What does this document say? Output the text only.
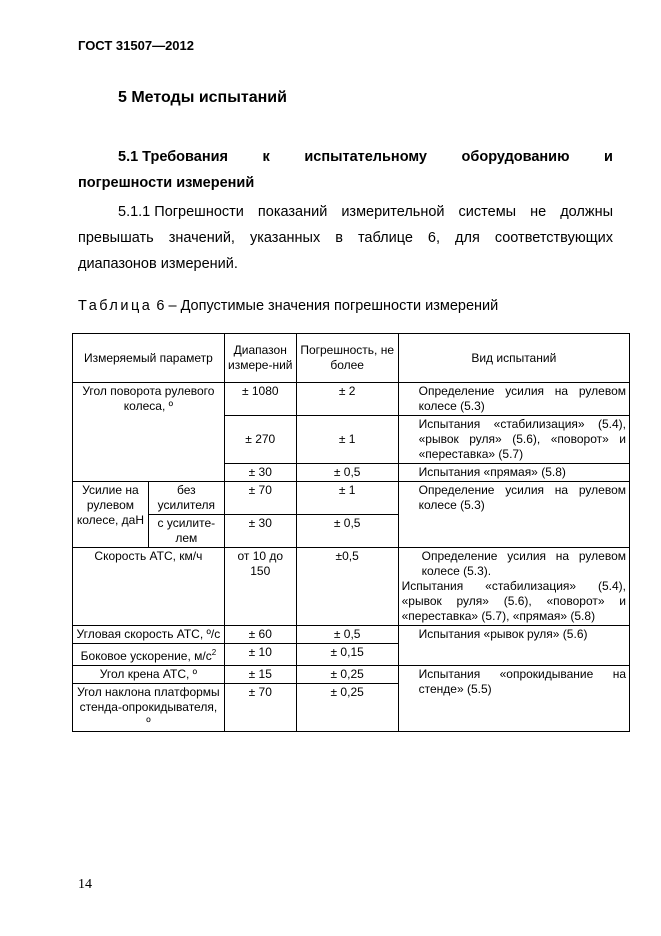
ГОСТ 31507—2012
5 Методы испытаний
5.1 Требования к испытательному оборудованию и
погрешности измерений
5.1.1 Погрешности показаний измерительной системы не должны
превышать значений, указанных в таблице 6, для соответствующих
диапазонов измерений.
Таблица 6 – Допустимые значения погрешности измерений
Измеряемый параметр		Диапазон измере-ний	Погрешность, не более	Вид испытаний
Угол поворота рулевого колеса, º		± 1080	± 2	Определение усилия на рулевом колесе (5.3)
		± 270	± 1	Испытания «стабилизация» (5.4), «рывок руля» (5.6), «поворот» и «переставка» (5.7)
		± 30	± 0,5	Испытания «прямая» (5.8)
Усилие на рулевом колесе, даН	без усилителя	± 70	± 1	Определение усилия на рулевом колесе (5.3)
	с усилите-лем	± 30	± 0,5	
Скорость АТС, км/ч		от 10 до 150	±0,5	Определение усилия на рулевом колесе (5.3).
Испытания «стабилизация» (5.4), «рывок руля» (5.6), «поворот» и «переставка» (5.7), «прямая» (5.8)

Угловая скорость АТС, º/с		± 60	± 0,5	Испытания «рывок руля» (5.6)
Боковое ускорение, $м/с^2$		± 10	± 0,15	
Угол крена АТС, º		± 15	± 0,25	Испытания «опрокидывание на стенде» (5.5)
Угол наклона платформы стенда-опрокидывателя, º		± 70	± 0,25	
14
